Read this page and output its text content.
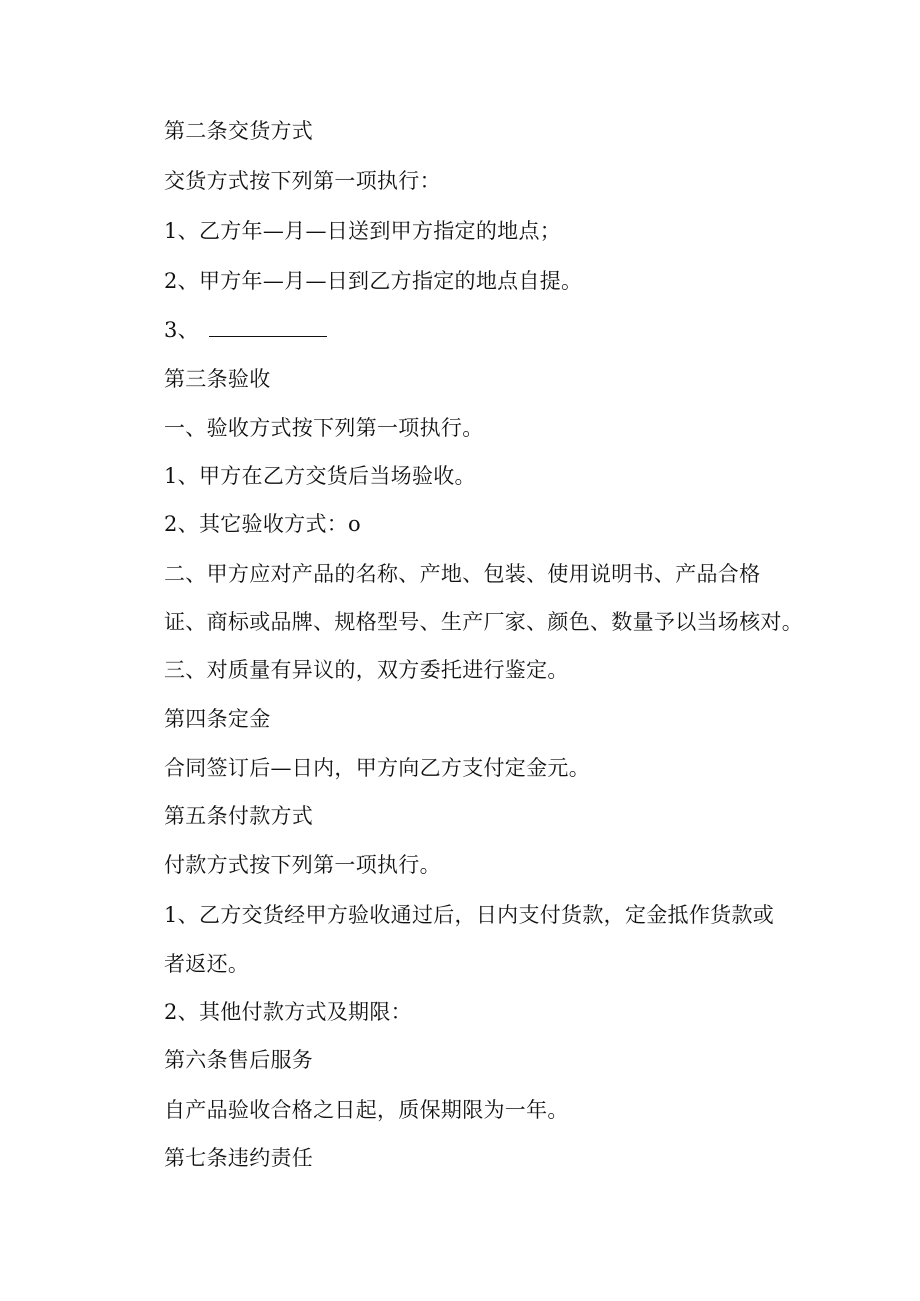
第二条交货方式
交货方式按下列第一项执行：
1、乙方年—月—日送到甲方指定的地点；
2、甲方年—月—日到乙方指定的地点自提。
3、
第三条验收
一、验收方式按下列第一项执行。
1、甲方在乙方交货后当场验收。
2、其它验收方式：o
二、甲方应对产品的名称、产地、包装、使用说明书、产品合格
证、商标或品牌、规格型号、生产厂家、颜色、数量予以当场核对。
三、对质量有异议的，双方委托进行鉴定。
第四条定金
合同签订后—日内，甲方向乙方支付定金元。
第五条付款方式
付款方式按下列第一项执行。
1、乙方交货经甲方验收通过后，日内支付货款，定金抵作货款或
者返还。
2、其他付款方式及期限：
第六条售后服务
自产品验收合格之日起，质保期限为一年。
第七条违约责任
